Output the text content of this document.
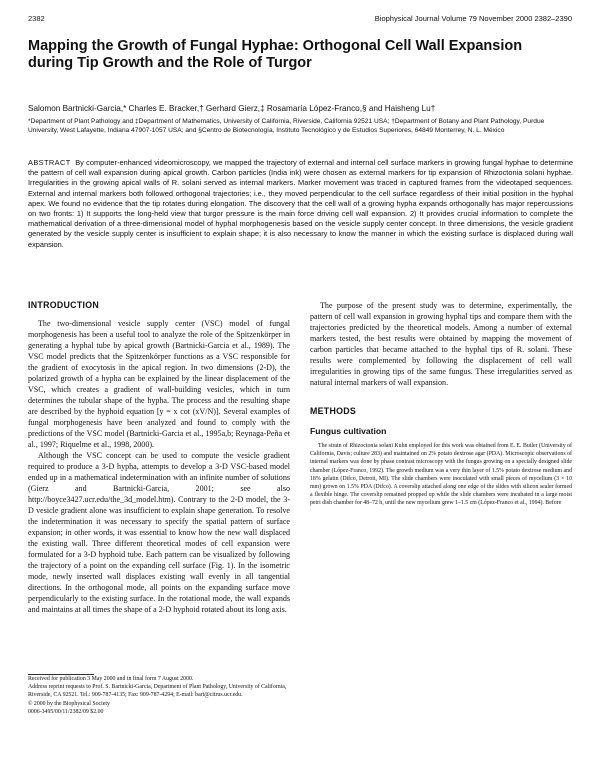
2382	Biophysical Journal Volume 79 November 2000 2382–2390
Mapping the Growth of Fungal Hyphae: Orthogonal Cell Wall Expansion during Tip Growth and the Role of Turgor
Salomon Bartnicki-Garcia,* Charles E. Bracker,† Gerhard Gierz,‡ Rosamaría López-Franco,§ and Haisheng Lu†
*Department of Plant Pathology and ‡Department of Mathematics, University of California, Riverside, California 92521 USA; †Department of Botany and Plant Pathology, Purdue University, West Lafayette, Indiana 47907-1057 USA; and §Centro de Biotecnología, Instituto Tecnológico y de Estudios Superiores, 64849 Monterrey, N. L. México
ABSTRACT By computer-enhanced videomicroscopy, we mapped the trajectory of external and internal cell surface markers in growing fungal hyphae to determine the pattern of cell wall expansion during apical growth. Carbon particles (India ink) were chosen as external markers for tip expansion of Rhizoctonia solani hyphae. Irregularities in the growing apical walls of R. solani served as internal markers. Marker movement was traced in captured frames from the videotaped sequences. External and internal markers both followed orthogonal trajectories; i.e., they moved perpendicular to the cell surface regardless of their initial position in the hyphal apex. We found no evidence that the tip rotates during elongation. The discovery that the cell wall of a growing hypha expands orthogonally has major repercussions on two fronts: 1) It supports the long-held view that turgor pressure is the main force driving cell wall expansion. 2) It provides crucial information to complete the mathematical derivation of a three-dimensional model of hyphal morphogenesis based on the vesicle supply center concept. In three dimensions, the vesicle gradient generated by the vesicle supply center is insufficient to explain shape; it is also necessary to know the manner in which the existing surface is displaced during wall expansion.
INTRODUCTION

The two-dimensional vesicle supply center (VSC) model of fungal morphogenesis has been a useful tool to analyze the role of the Spitzenkörper in generating a hyphal tube by apical growth (Bartnicki-Garcia et al., 1989). The VSC model predicts that the Spitzenkörper functions as a VSC responsible for the gradient of exocytosis in the apical region. In two dimensions (2-D), the polarized growth of a hypha can be explained by the linear displacement of the VSC, which creates a gradient of wall-building vesicles, which in turn determines the tubular shape of the hypha. The process and the resulting shape are described by the hyphoid equation [y = x cot (xV/N)]. Several examples of fungal morphogenesis have been analyzed and found to comply with the predictions of the VSC model (Bartnicki-Garcia et al., 1995a,b; Reynaga-Peña et al., 1997; Riquelme et al., 1998, 2000).

Although the VSC concept can be used to compute the vesicle gradient required to produce a 3-D hypha, attempts to develop a 3-D VSC-based model ended up in a mathematical indetermination with an infinite number of solutions (Gierz and Bartnicki-Garcia, 2001; see also http://boyce3427.ucr.edu/the_3d_model.htm). Contrary to the 2-D model, the 3-D vesicle gradient alone was insufficient to explain shape generation. To resolve the indetermination it was necessary to specify the spatial pattern of surface expansion; in other words, it was essential to know how the new wall displaced the existing wall. Three different theoretical modes of cell expansion were formulated for a 3-D hyphoid tube. Each pattern can be visualized by following the trajectory of a point on the expanding cell surface (Fig. 1). In the isometric mode, newly inserted wall displaces existing wall evenly in all tangential directions. In the orthogonal mode, all points on the expanding surface move perpendicularly to the existing surface. In the rotational mode, the wall expands and maintains at all times the shape of a 2-D hyphoid rotated about its long axis.

The purpose of the present study was to determine, experimentally, the pattern of cell wall expansion in growing hyphal tips and compare them with the trajectories predicted by the theoretical models. Among a number of external markers tested, the best results were obtained by mapping the movement of carbon particles that became attached to the hyphal tips of R. solani. These results were complemented by following the displacement of cell wall irregularities in growing tips of the same fungus. These irregularities served as natural internal markers of wall expansion.

METHODS
Fungus cultivation

The strain of Rhizoctonia solani Kuhn employed for this work was obtained from E. E. Butler (University of California, Davis; culture 283) and maintained on 2% potato dextrose agar (PDA). Microscopic observations of internal markers was done by phase contrast microscopy with the fungus growing on a specially designed slide chamber (López-Franco, 1992). The growth medium was a very thin layer of 1.5% potato dextrose medium and 18% gelatin (Difco, Detroit, MI). The slide chambers were inoculated with small pieces of mycelium (3 × 10 mm) grown on 1.5% PDA (Difco). A coverslip attached along one edge of the slides with silicon sealer formed a flexible hinge. The coverslip remained propped up while the slide chambers were incubated in a large moist petri dish chamber for 48–72 h, until the new mycelium grew 1–1.5 cm (López-Franco et al., 1994). Before

Received for publication 3 May 2000 and in final form 7 August 2000.
Address reprint requests to Prof. S. Bartnicki-Garcia, Department of Plant Pathology, University of California, Riverside, CA 92521. Tel.: 909-787-4135; Fax: 909-787-4294; E-mail: bart@citrus.ucr.edu.
© 2000 by the Biophysical Society
0006-3495/00/11/2382/09 $2.00
